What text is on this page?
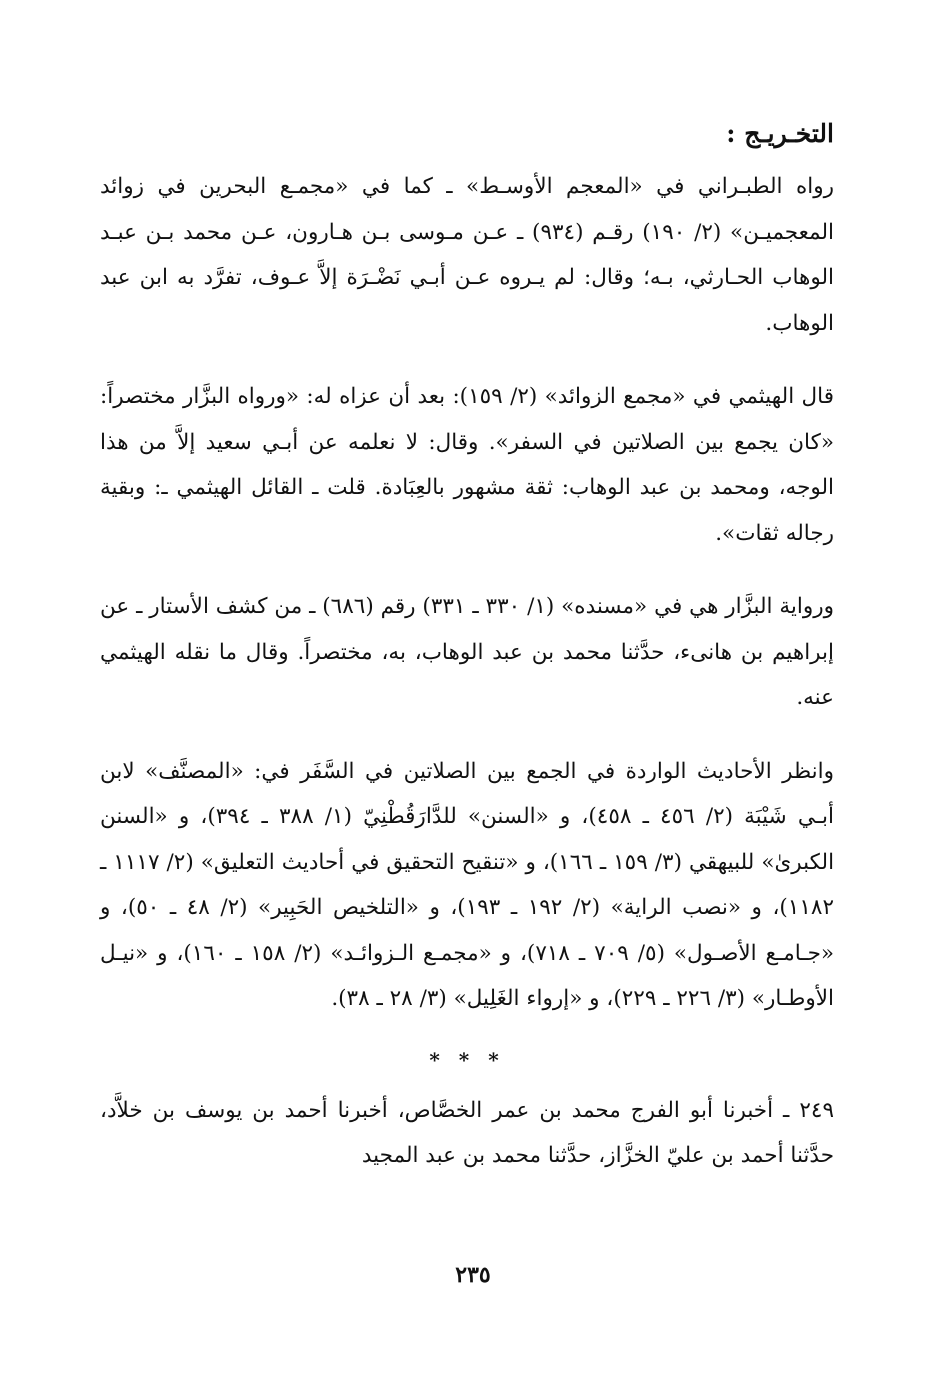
التخـريـج :

رواه الطبـراني في «المعجم الأوسـط» ـ كما في «مجمـع البحرين في زوائد المعجميـن» (٢/ ١٩٠) رقـم (٩٣٤) ـ عـن مـوسى بـن هـارون، عـن محمد بـن عبـد الوهاب الحـارثي، بـه؛ وقال: لم يـروه عـن أبـي نَضْـرَة إلاَّ عـوف، تفرَّد به ابن عبد الوهاب.

قال الهيثمي في «مجمع الزوائد» (٢/ ١٥٩): بعد أن عزاه له: «ورواه البزَّار مختصراً: «كان يجمع بين الصلاتين في السفر». وقال: لا نعلمه عن أبـي سعيد إلاَّ من هذا الوجه، ومحمد بن عبد الوهاب: ثقة مشهور بالعِبَادة. قلت ـ القائل الهيثمي ـ: وبقية رجاله ثقات».

ورواية البزَّار هي في «مسنده» (١/ ٣٣٠ ـ ٣٣١) رقم (٦٨٦) ـ من كشف الأستار ـ عن إبراهيم بن هانىء، حدَّثنا محمد بن عبد الوهاب، به، مختصراً. وقال ما نقله الهيثمي عنه.

وانظر الأحاديث الواردة في الجمع بين الصلاتين في السَّفَر في: «المصنَّف» لابن أبـي شَيْبَة (٢/ ٤٥٦ ـ ٤٥٨)، و «السنن» للدَّارَقُطْنِيّ (١/ ٣٨٨ ـ ٣٩٤)، و «السنن الكبرىٰ» للبيهقي (٣/ ١٥٩ ـ ١٦٦)، و «تنقيح التحقيق في أحاديث التعليق» (٢/ ١١١٧ ـ ١١٨٢)، و «نصب الراية» (٢/ ١٩٢ ـ ١٩٣)، و «التلخيص الحَبِير» (٢/ ٤٨ ـ ٥٠)، و «جـامـع الأصـول» (٥/ ٧٠٩ ـ ٧١٨)، و «مجمـع الـزوائـد» (٢/ ١٥٨ ـ ١٦٠)، و «نيـل الأوطـار» (٣/ ٢٢٦ ـ ٢٢٩)، و «إرواء الغَلِيل» (٣/ ٢٨ ـ ٣٨).

* * *

٢٤٩ ـ أخبرنا أبو الفرج محمد بن عمر الخصَّاص، أخبرنا أحمد بن يوسف بن خلاَّد، حدَّثنا أحمد بن عليّ الخزَّاز، حدَّثنا محمد بن عبد المجيد

٢٣٥
